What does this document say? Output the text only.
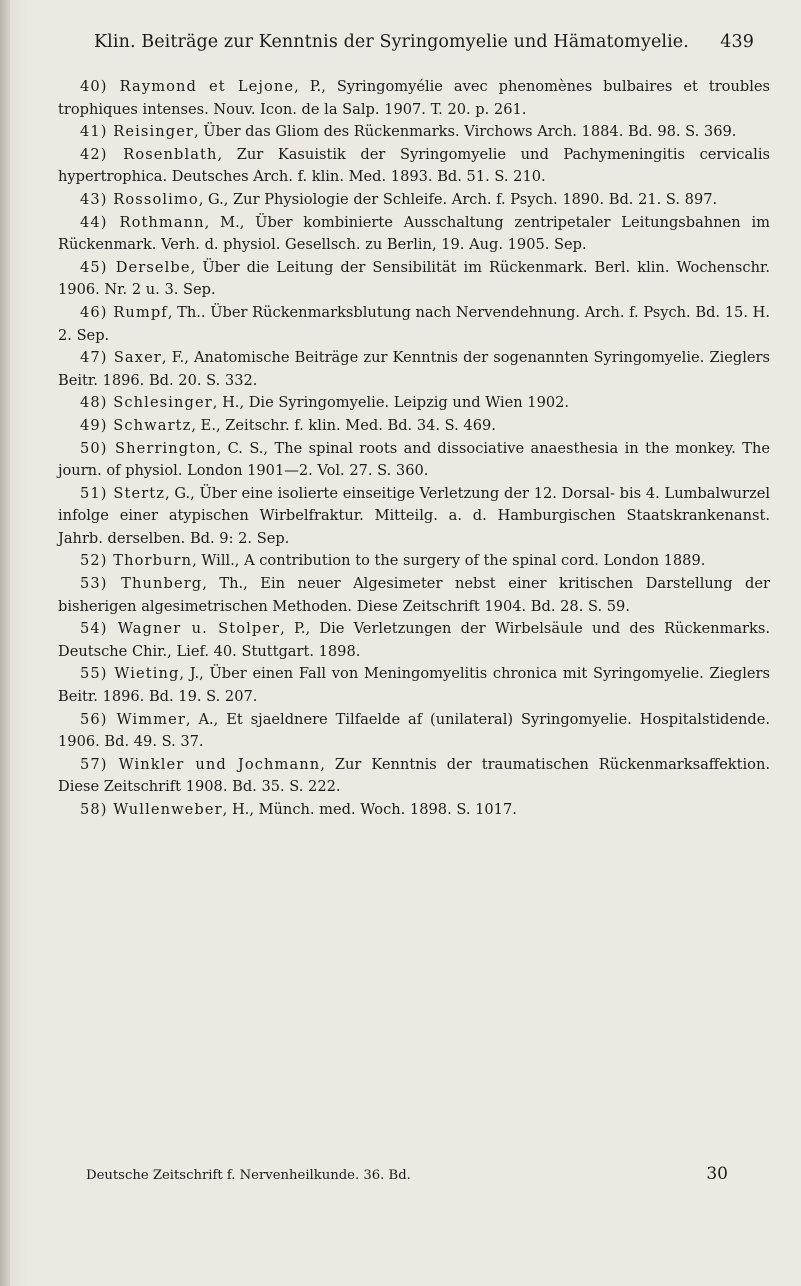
Klin. Beiträge zur Kenntnis der Syringomyelie und Hämatomyelie. 439

40) Raymond et Lejone, P., Syringomyélie avec phenomènes bulbaires et troubles trophiques intenses. Nouv. Icon. de la Salp. 1907. T. 20. p. 261.

41) Reisinger, Über das Gliom des Rückenmarks. Virchows Arch. 1884. Bd. 98. S. 369.

42) Rosenblath, Zur Kasuistik der Syringomyelie und Pachymeningitis cervicalis hypertrophica. Deutsches Arch. f. klin. Med. 1893. Bd. 51. S. 210.

43) Rossolimo, G., Zur Physiologie der Schleife. Arch. f. Psych. 1890. Bd. 21. S. 897.

44) Rothmann, M., Über kombinierte Ausschaltung zentripetaler Leitungsbahnen im Rückenmark. Verh. d. physiol. Gesellsch. zu Berlin, 19. Aug. 1905. Sep.

45) Derselbe, Über die Leitung der Sensibilität im Rückenmark. Berl. klin. Wochenschr. 1906. Nr. 2 u. 3. Sep.

46) Rumpf, Th.. Über Rückenmarksblutung nach Nervendehnung. Arch. f. Psych. Bd. 15. H. 2. Sep.

47) Saxer, F., Anatomische Beiträge zur Kenntnis der sogenannten Syringomyelie. Zieglers Beitr. 1896. Bd. 20. S. 332.

48) Schlesinger, H., Die Syringomyelie. Leipzig und Wien 1902.

49) Schwartz, E., Zeitschr. f. klin. Med. Bd. 34. S. 469.

50) Sherrington, C. S., The spinal roots and dissociative anaesthesia in the monkey. The journ. of physiol. London 1901—2. Vol. 27. S. 360.

51) Stertz, G., Über eine isolierte einseitige Verletzung der 12. Dorsal- bis 4. Lumbalwurzel infolge einer atypischen Wirbelfraktur. Mitteilg. a. d. Hamburgischen Staatskrankenanst. Jahrb. derselben. Bd. 9: 2. Sep.

52) Thorburn, Will., A contribution to the surgery of the spinal cord. London 1889.

53) Thunberg, Th., Ein neuer Algesimeter nebst einer kritischen Darstellung der bisherigen algesimetrischen Methoden. Diese Zeitschrift 1904. Bd. 28. S. 59.

54) Wagner u. Stolper, P., Die Verletzungen der Wirbelsäule und des Rückenmarks. Deutsche Chir., Lief. 40. Stuttgart. 1898.

55) Wieting, J., Über einen Fall von Meningomyelitis chronica mit Syringomyelie. Zieglers Beitr. 1896. Bd. 19. S. 207.

56) Wimmer, A., Et sjaeldnere Tilfaelde af (unilateral) Syringomyelie. Hospitalstidende. 1906. Bd. 49. S. 37.

57) Winkler und Jochmann, Zur Kenntnis der traumatischen Rückenmarksaffektion. Diese Zeitschrift 1908. Bd. 35. S. 222.

58) Wullenweber, H., Münch. med. Woch. 1898. S. 1017.

Deutsche Zeitschrift f. Nervenheilkunde. 36. Bd.	30
